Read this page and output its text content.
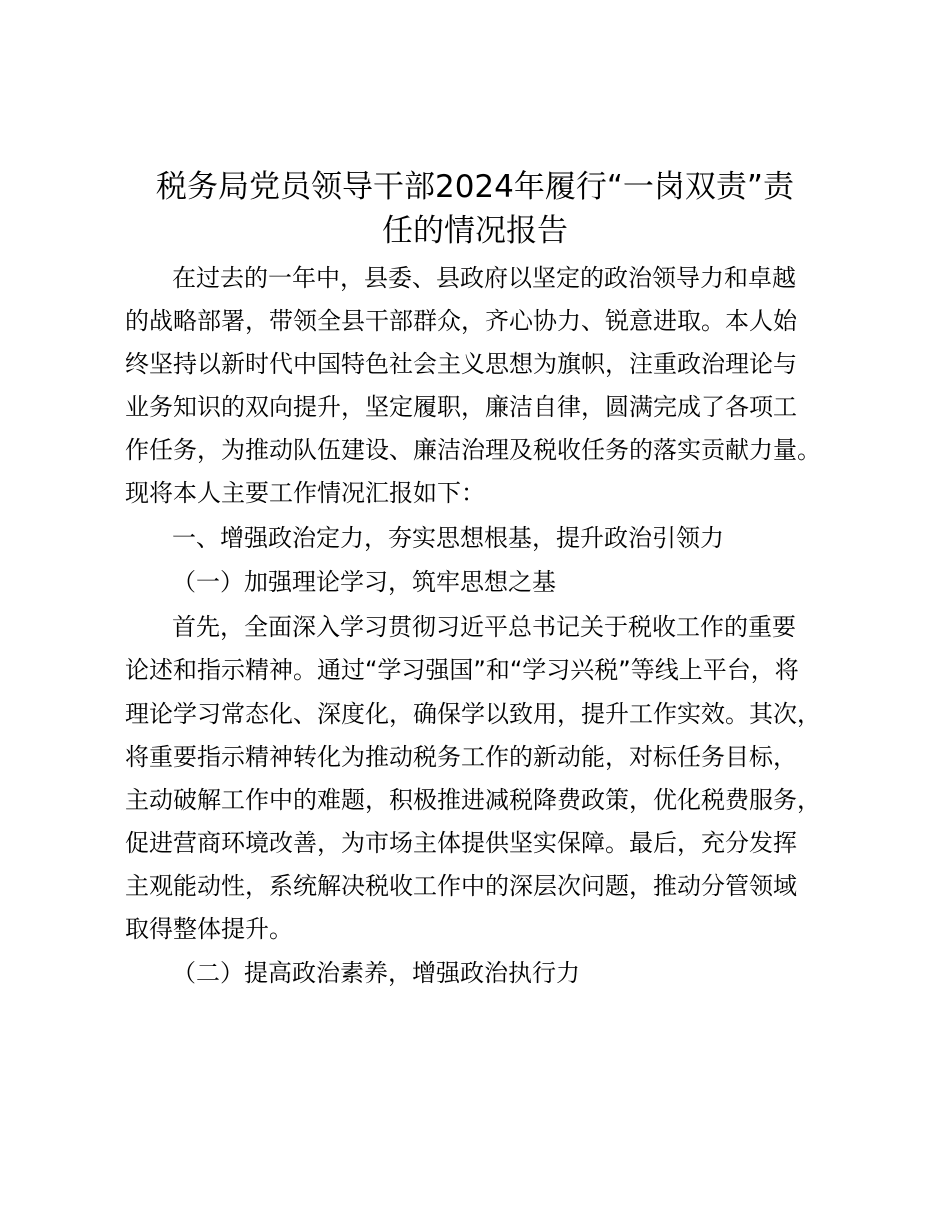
税务局党员领导干部2024年履行“一岗双责”责
任的情况报告
在过去的一年中，县委、县政府以坚定的政治领导力和卓越
的战略部署，带领全县干部群众，齐心协力、锐意进取。本人始
终坚持以新时代中国特色社会主义思想为旗帜，注重政治理论与
业务知识的双向提升，坚定履职，廉洁自律，圆满完成了各项工
作任务，为推动队伍建设、廉洁治理及税收任务的落实贡献力量。
现将本人主要工作情况汇报如下：
一、增强政治定力，夯实思想根基，提升政治引领力
（一）加强理论学习，筑牢思想之基
首先，全面深入学习贯彻习近平总书记关于税收工作的重要
论述和指示精神。通过“学习强国”和“学习兴税”等线上平台，将
理论学习常态化、深度化，确保学以致用，提升工作实效。其次，
将重要指示精神转化为推动税务工作的新动能，对标任务目标，
主动破解工作中的难题，积极推进减税降费政策，优化税费服务，
促进营商环境改善，为市场主体提供坚实保障。最后，充分发挥
主观能动性，系统解决税收工作中的深层次问题，推动分管领域
取得整体提升。
（二）提高政治素养，增强政治执行力
